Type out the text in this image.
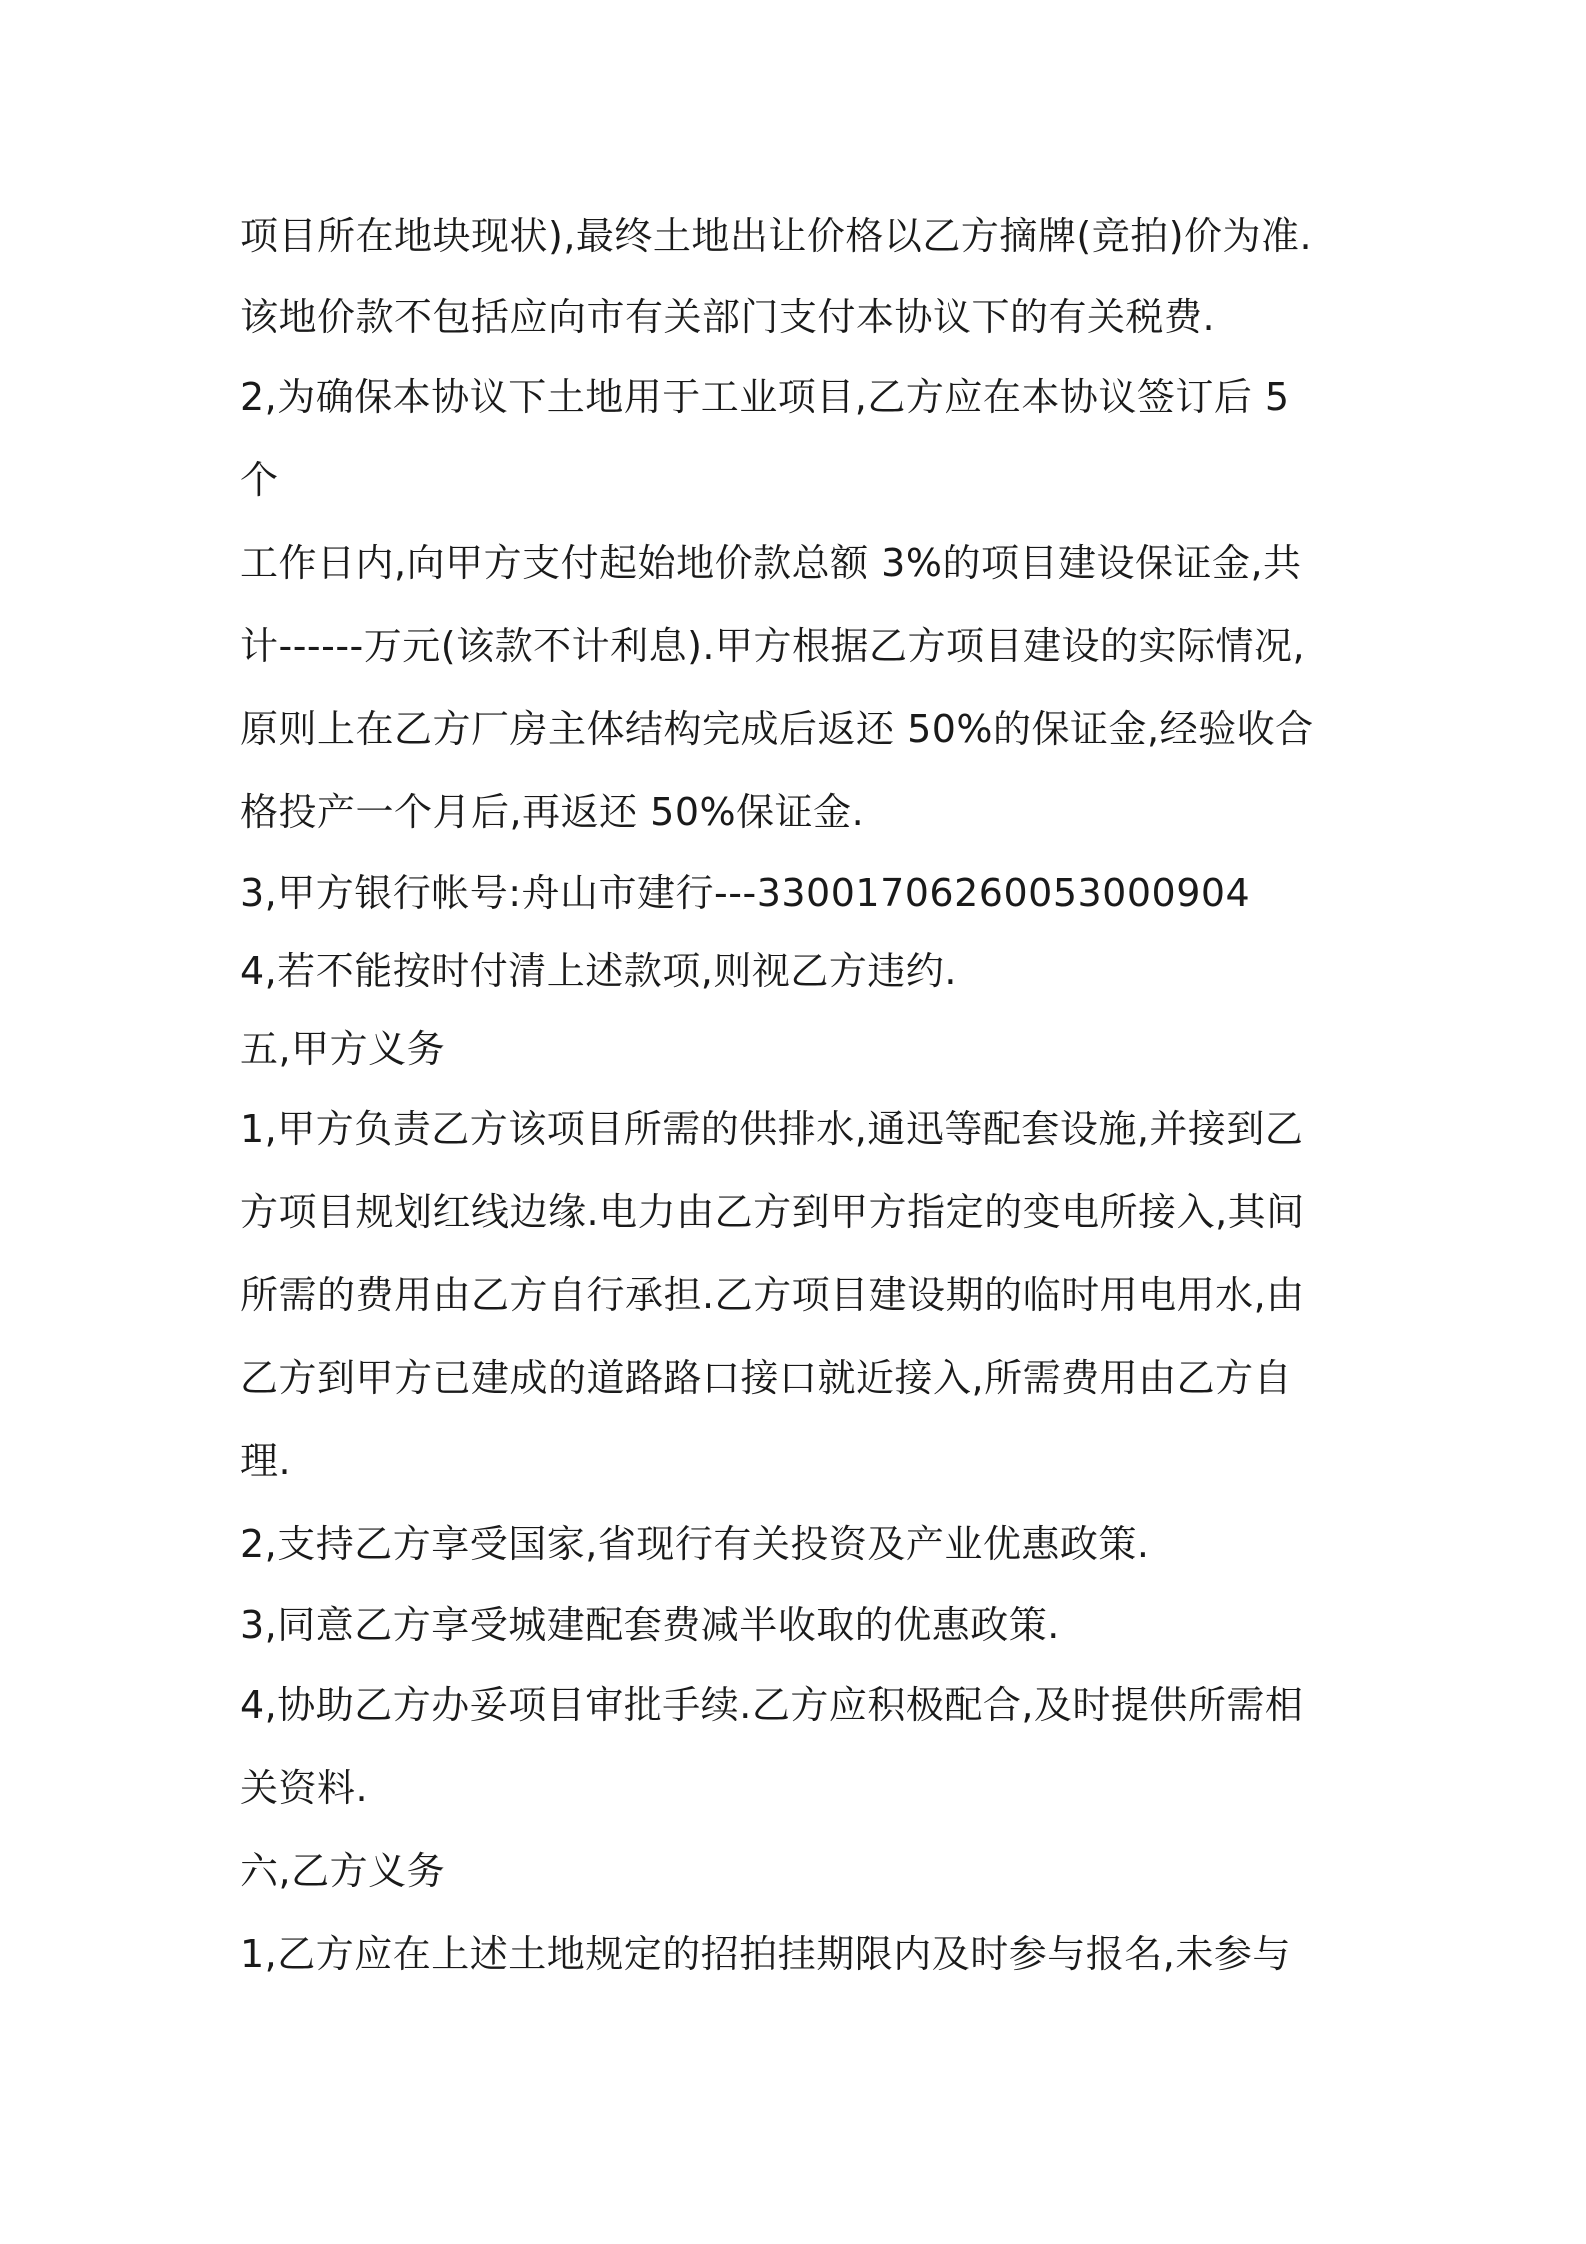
项目所在地块现状),最终土地出让价格以乙方摘牌(竞拍)价为准.
该地价款不包括应向市有关部门支付本协议下的有关税费.
2,为确保本协议下土地用于工业项目,乙方应在本协议签订后 5
个
工作日内,向甲方支付起始地价款总额 3%的项目建设保证金,共
计------万元(该款不计利息).甲方根据乙方项目建设的实际情况,
原则上在乙方厂房主体结构完成后返还 50%的保证金,经验收合
格投产一个月后,再返还 50%保证金.
3,甲方银行帐号:舟山市建行---33001706260053000904
4,若不能按时付清上述款项,则视乙方违约.
五,甲方义务
1,甲方负责乙方该项目所需的供排水,通迅等配套设施,并接到乙
方项目规划红线边缘.电力由乙方到甲方指定的变电所接入,其间
所需的费用由乙方自行承担.乙方项目建设期的临时用电用水,由
乙方到甲方已建成的道路路口接口就近接入,所需费用由乙方自
理.
2,支持乙方享受国家,省现行有关投资及产业优惠政策.
3,同意乙方享受城建配套费减半收取的优惠政策.
4,协助乙方办妥项目审批手续.乙方应积极配合,及时提供所需相
关资料.
六,乙方义务
1,乙方应在上述土地规定的招拍挂期限内及时参与报名,未参与
